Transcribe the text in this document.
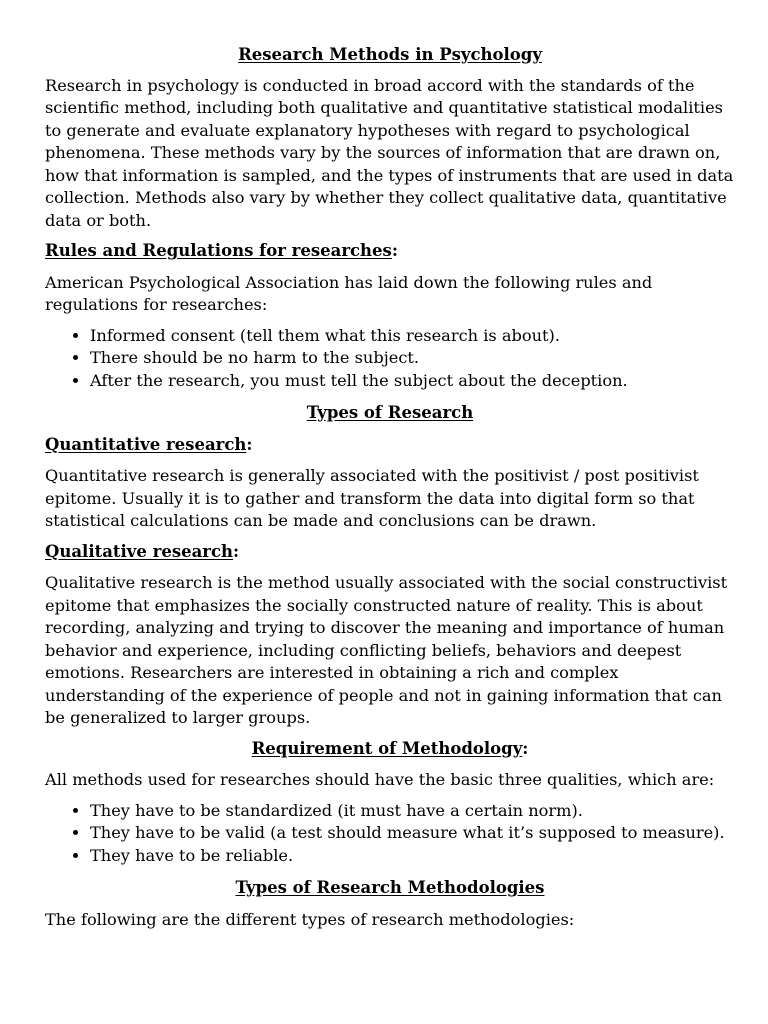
Research Methods in Psychology

Research in psychology is conducted in broad accord with the standards of the scientific method, including both qualitative and quantitative statistical modalities to generate and evaluate explanatory hypotheses with regard to psychological phenomena. These methods vary by the sources of information that are drawn on, how that information is sampled, and the types of instruments that are used in data collection. Methods also vary by whether they collect qualitative data, quantitative data or both.

Rules and Regulations for researches:

American Psychological Association has laid down the following rules and regulations for researches:

• Informed consent (tell them what this research is about).
• There should be no harm to the subject.
• After the research, you must tell the subject about the deception.
Types of Research
Quantitative research:

Quantitative research is generally associated with the positivist / post positivist epitome. Usually it is to gather and transform the data into digital form so that statistical calculations can be made and conclusions can be drawn.

Qualitative research:

Qualitative research is the method usually associated with the social constructivist epitome that emphasizes the socially constructed nature of reality. This is about recording, analyzing and trying to discover the meaning and importance of human behavior and experience, including conflicting beliefs, behaviors and deepest emotions. Researchers are interested in obtaining a rich and complex understanding of the experience of people and not in gaining information that can be generalized to larger groups.

Requirement of Methodology:

All methods used for researches should have the basic three qualities, which are:

• They have to be standardized (it must have a certain norm).
• They have to be valid (a test should measure what it’s supposed to measure).
• They have to be reliable.
Types of Research Methodologies

The following are the different types of research methodologies:
